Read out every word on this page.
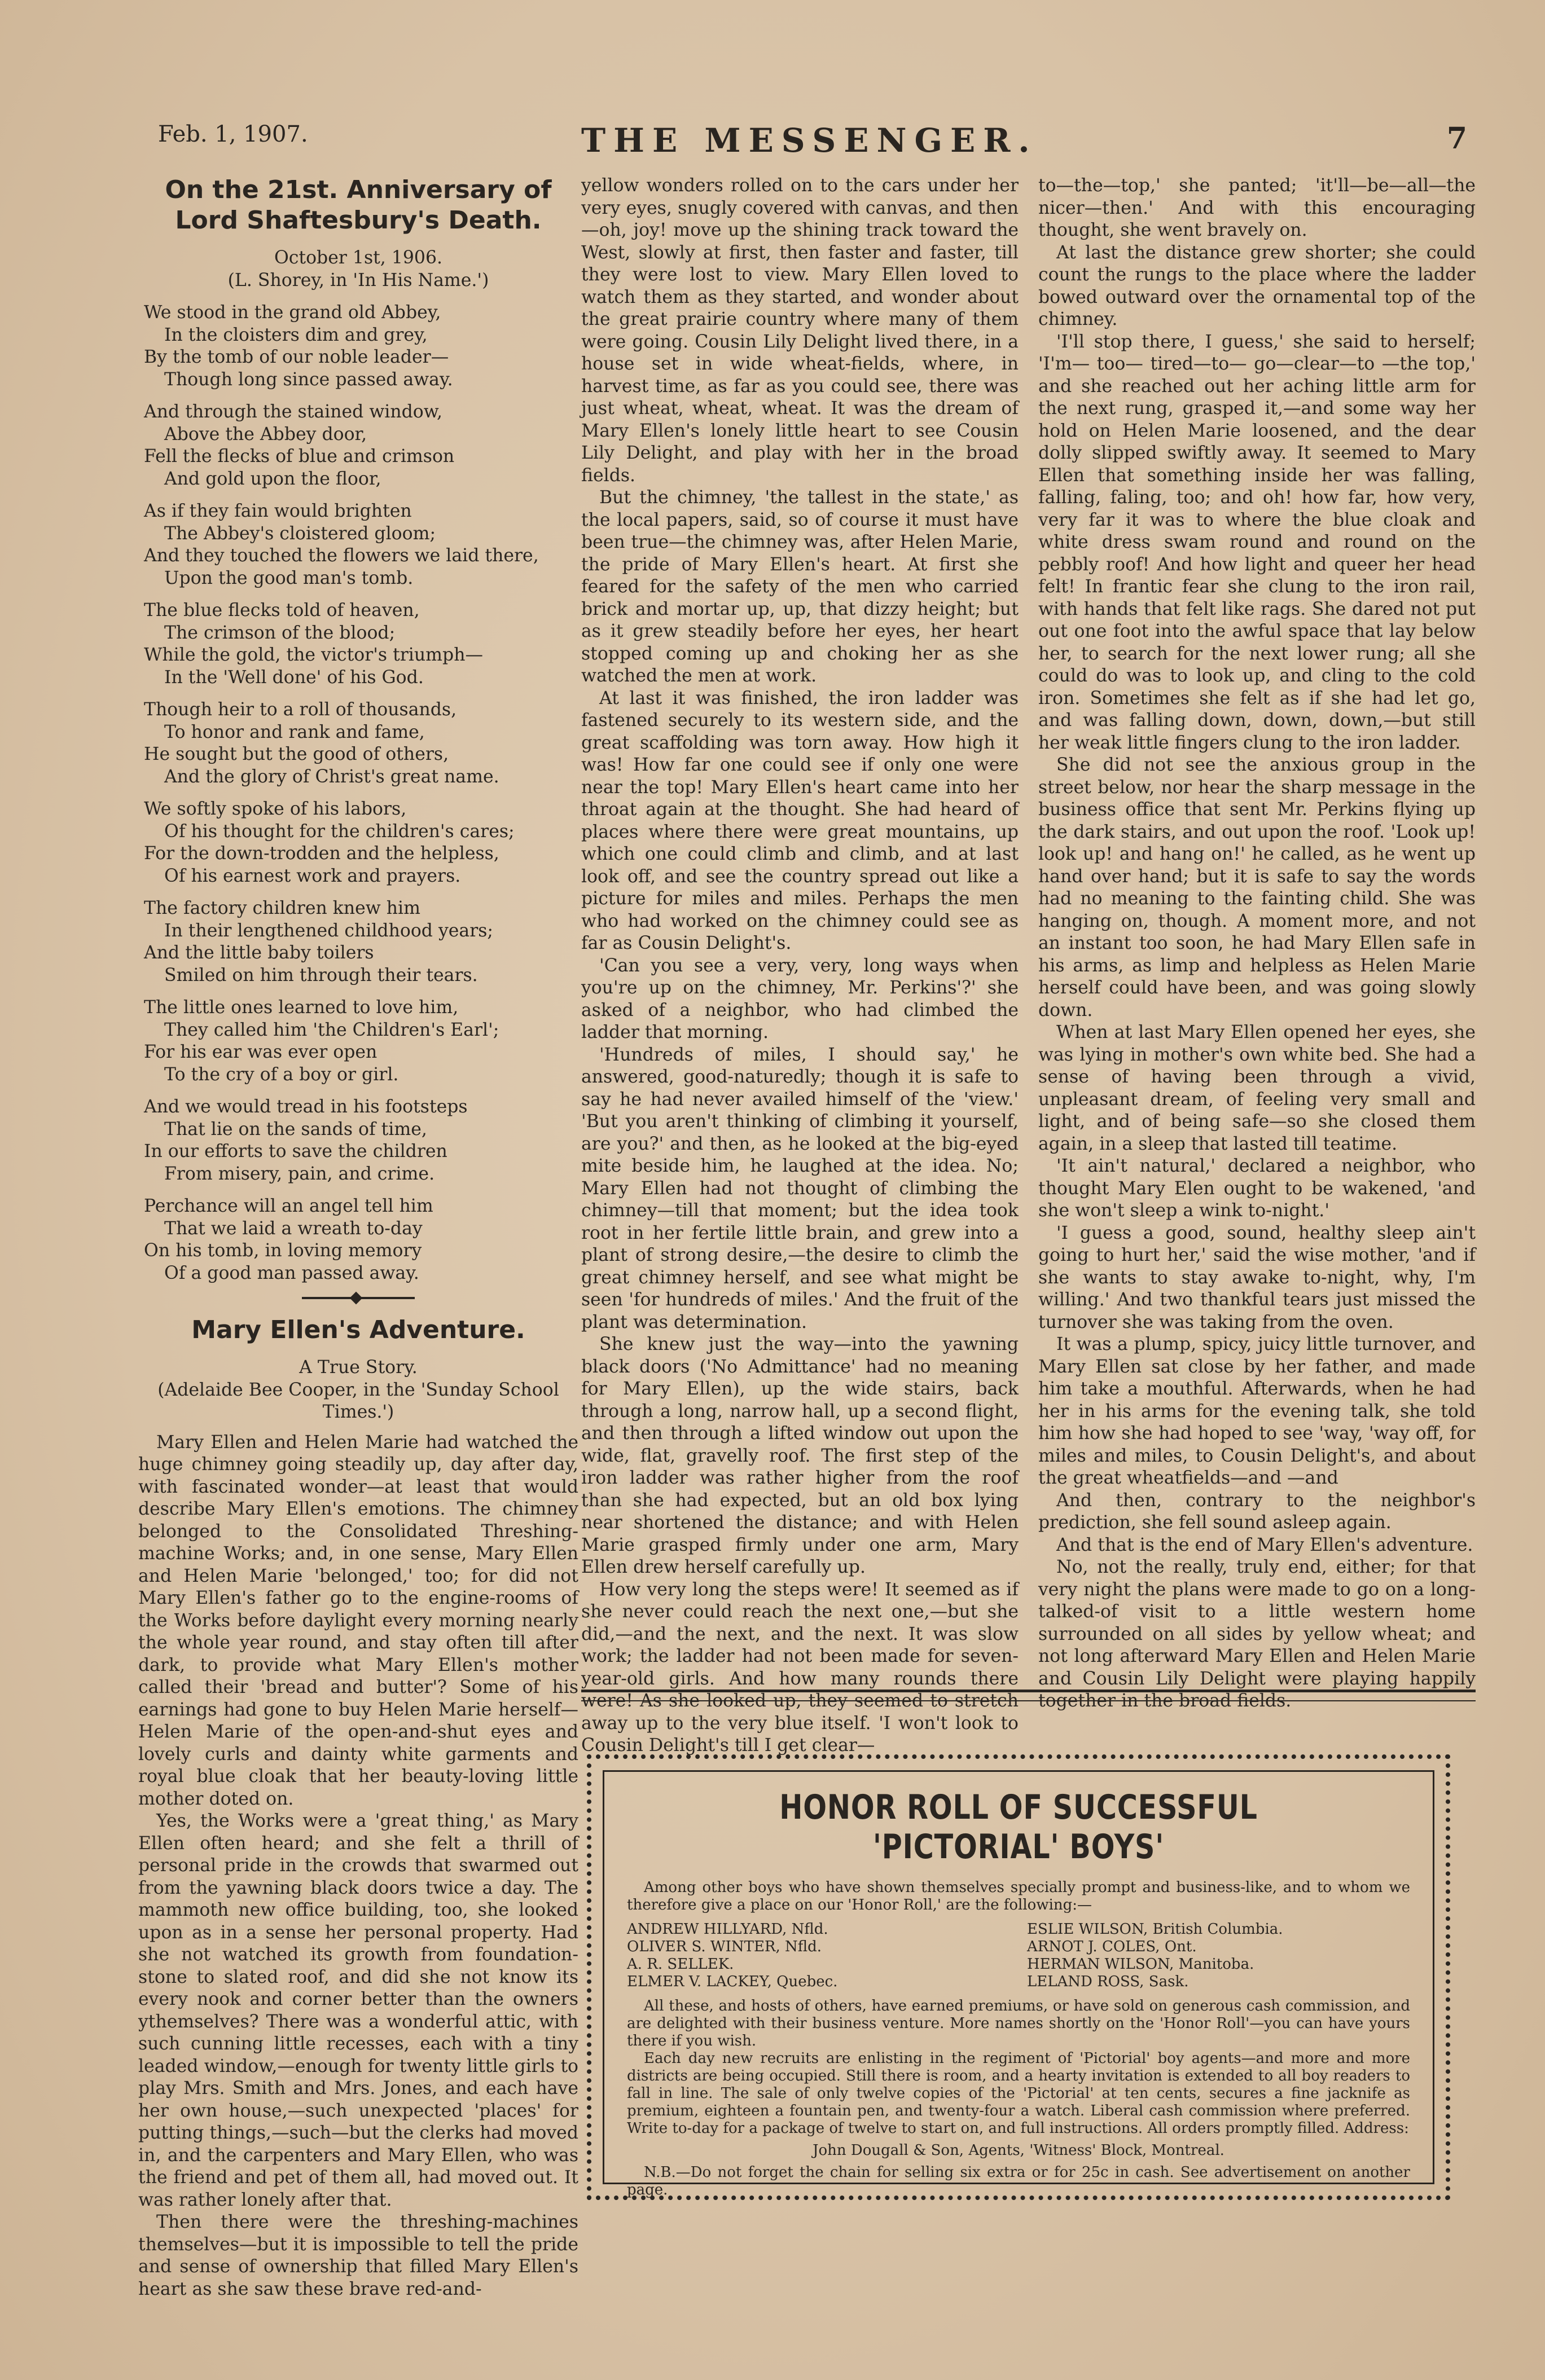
Feb. 1, 1907.	THE MESSENGER.	7
On the 21st. Anniversary of Lord Shaftesbury's Death.

October 1st, 1906.

(L. Shorey, in 'In His Name.')

We stood in the grand old Abbey,
In the cloisters dim and grey,
By the tomb of our noble leader—
Though long since passed away.
And through the stained window,
Above the Abbey door,
Fell the flecks of blue and crimson
And gold upon the floor,
As if they fain would brighten
The Abbey's cloistered gloom;
And they touched the flowers we laid there,
Upon the good man's tomb.
The blue flecks told of heaven,
The crimson of the blood;
While the gold, the victor's triumph—
In the 'Well done' of his God.
Though heir to a roll of thousands,
To honor and rank and fame,
He sought but the good of others,
And the glory of Christ's great name.
We softly spoke of his labors,
Of his thought for the children's cares;
For the down-trodden and the helpless,
Of his earnest work and prayers.
The factory children knew him
In their lengthened childhood years;
And the little baby toilers
Smiled on him through their tears.
The little ones learned to love him,
They called him 'the Children's Earl';
For his ear was ever open
To the cry of a boy or girl.
And we would tread in his footsteps
That lie on the sands of time,
In our efforts to save the children
From misery, pain, and crime.
Perchance will an angel tell him
That we laid a wreath to-day
On his tomb, in loving memory
Of a good man passed away.
Mary Ellen's Adventure.

A True Story.

(Adelaide Bee Cooper, in the 'Sunday School Times.')

Mary Ellen and Helen Marie had watched the huge chimney going steadily up, day after day, with fascinated wonder—at least that would describe Mary Ellen's emotions. The chimney belonged to the Consolidated Threshing-machine Works; and, in one sense, Mary Ellen and Helen Marie 'belonged,' too; for did not Mary Ellen's father go to the engine-rooms of the Works before daylight every morning nearly the whole year round, and stay often till after dark, to provide what Mary Ellen's mother called their 'bread and butter'? Some of his earnings had gone to buy Helen Marie herself—Helen Marie of the open-and-shut eyes and lovely curls and dainty white garments and royal blue cloak that her beauty-loving little mother doted on.

Yes, the Works were a 'great thing,' as Mary Ellen often heard; and she felt a thrill of personal pride in the crowds that swarmed out from the yawning black doors twice a day. The mammoth new office building, too, she looked upon as in a sense her personal property. Had she not watched its growth from foundation-stone to slated roof, and did she not know its every nook and corner better than the owners ythemselves? There was a wonderful attic, with such cunning little recesses, each with a tiny leaded window,—enough for twenty little girls to play Mrs. Smith and Mrs. Jones, and each have her own house,—such unexpected 'places' for putting things,—such—but the clerks had moved in, and the carpenters and Mary Ellen, who was the friend and pet of them all, had moved out. It was rather lonely after that.

Then there were the threshing-machines themselves—but it is impossible to tell the pride and sense of ownership that filled Mary Ellen's heart as she saw these brave red-and-

yellow wonders rolled on to the cars under her very eyes, snugly covered with canvas, and then—oh, joy! move up the shining track toward the West, slowly at first, then faster and faster, till they were lost to view. Mary Ellen loved to watch them as they started, and wonder about the great prairie country where many of them were going. Cousin Lily Delight lived there, in a house set in wide wheat-fields, where, in harvest time, as far as you could see, there was just wheat, wheat, wheat. It was the dream of Mary Ellen's lonely little heart to see Cousin Lily Delight, and play with her in the broad fields.

But the chimney, 'the tallest in the state,' as the local papers, said, so of course it must have been true—the chimney was, after Helen Marie, the pride of Mary Ellen's heart. At first she feared for the safety of the men who carried brick and mortar up, up, that dizzy height; but as it grew steadily before her eyes, her heart stopped coming up and choking her as she watched the men at work.

At last it was finished, the iron ladder was fastened securely to its western side, and the great scaffolding was torn away. How high it was! How far one could see if only one were near the top! Mary Ellen's heart came into her throat again at the thought. She had heard of places where there were great mountains, up which one could climb and climb, and at last look off, and see the country spread out like a picture for miles and miles. Perhaps the men who had worked on the chimney could see as far as Cousin Delight's.

'Can you see a very, very, long ways when you're up on the chimney, Mr. Perkins'?' she asked of a neighbor, who had climbed the ladder that morning.

'Hundreds of miles, I should say,' he answered, good-naturedly; though it is safe to say he had never availed himself of the 'view.' 'But you aren't thinking of climbing it yourself, are you?' and then, as he looked at the big-eyed mite beside him, he laughed at the idea. No; Mary Ellen had not thought of climbing the chimney—till that moment; but the idea took root in her fertile little brain, and grew into a plant of strong desire,—the desire to climb the great chimney herself, and see what might be seen 'for hundreds of miles.' And the fruit of the plant was determination.

She knew just the way—into the yawning black doors ('No Admittance' had no meaning for Mary Ellen), up the wide stairs, back through a long, narrow hall, up a second flight, and then through a lifted window out upon the wide, flat, gravelly roof. The first step of the iron ladder was rather higher from the roof than she had expected, but an old box lying near shortened the distance; and with Helen Marie grasped firmly under one arm, Mary Ellen drew herself carefully up.

How very long the steps were! It seemed as if she never could reach the next one,—but she did,—and the next, and the next. It was slow work; the ladder had not been made for seven-year-old girls. And how many rounds there were! As she looked up, they seemed to stretch away up to the very blue itself. 'I won't look to Cousin Delight's till I get clear—

to—the—top,' she panted; 'it'll—be—all—the nicer—then.' And with this encouraging thought, she went bravely on.

At last the distance grew shorter; she could count the rungs to the place where the ladder bowed outward over the ornamental top of the chimney.

'I'll stop there, I guess,' she said to herself; 'I'm— too— tired—to— go—clear—to —the top,' and she reached out her aching little arm for the next rung, grasped it,—and some way her hold on Helen Marie loosened, and the dear dolly slipped swiftly away. It seemed to Mary Ellen that something inside her was falling, falling, faling, too; and oh! how far, how very, very far it was to where the blue cloak and white dress swam round and round on the pebbly roof! And how light and queer her head felt! In frantic fear she clung to the iron rail, with hands that felt like rags. She dared not put out one foot into the awful space that lay below her, to search for the next lower rung; all she could do was to look up, and cling to the cold iron. Sometimes she felt as if she had let go, and was falling down, down, down,—but still her weak little fingers clung to the iron ladder.

She did not see the anxious group in the street below, nor hear the sharp message in the business office that sent Mr. Perkins flying up the dark stairs, and out upon the roof. 'Look up! look up! and hang on!' he called, as he went up hand over hand; but it is safe to say the words had no meaning to the fainting child. She was hanging on, though. A moment more, and not an instant too soon, he had Mary Ellen safe in his arms, as limp and helpless as Helen Marie herself could have been, and was going slowly down.

When at last Mary Ellen opened her eyes, she was lying in mother's own white bed. She had a sense of having been through a vivid, unpleasant dream, of feeling very small and light, and of being safe—so she closed them again, in a sleep that lasted till teatime.

'It ain't natural,' declared a neighbor, who thought Mary Elen ought to be wakened, 'and she won't sleep a wink to-night.'

'I guess a good, sound, healthy sleep ain't going to hurt her,' said the wise mother, 'and if she wants to stay awake to-night, why, I'm willing.' And two thankful tears just missed the turnover she was taking from the oven.

It was a plump, spicy, juicy little turnover, and Mary Ellen sat close by her father, and made him take a mouthful. Afterwards, when he had her in his arms for the evening talk, she told him how she had hoped to see 'way, 'way off, for miles and miles, to Cousin Delight's, and about the great wheatfields—and —and

And then, contrary to the neighbor's prediction, she fell sound asleep again.

And that is the end of Mary Ellen's adventure.

No, not the really, truly end, either; for that very night the plans were made to go on a long-talked-of visit to a little western home surrounded on all sides by yellow wheat; and not long afterward Mary Ellen and Helen Marie and Cousin Lily Delight were playing happily together in the broad fields.

HONOR ROLL OF SUCCESSFUL 'PICTORIAL' BOYS'

Among other boys who have shown themselves specially prompt and business-like, and to whom we therefore give a place on our 'Honor Roll,' are the following:—

ANDREW HILLYARD, Nfld.	ESLIE WILSON, British Columbia.
OLIVER S. WINTER, Nfld.	ARNOT J. COLES, Ont.
A. R. SELLEK.	HERMAN WILSON, Manitoba.
ELMER V. LACKEY, Quebec.	LELAND ROSS, Sask.

All these, and hosts of others, have earned premiums, or have sold on generous cash commission, and are delighted with their business venture. More names shortly on the 'Honor Roll'—you can have yours there if you wish.

Each day new recruits are enlisting in the regiment of 'Pictorial' boy agents—and more and more districts are being occupied. Still there is room, and a hearty invitation is extended to all boy readers to fall in line. The sale of only twelve copies of the 'Pictorial' at ten cents, secures a fine jacknife as premium, eighteen a fountain pen, and twenty-four a watch. Liberal cash commission where preferred. Write to-day for a package of twelve to start on, and full instructions. All orders promptly filled. Address:

John Dougall & Son, Agents, 'Witness' Block, Montreal.

N.B.—Do not forget the chain for selling six extra or for 25c in cash. See advertisement on another page.
